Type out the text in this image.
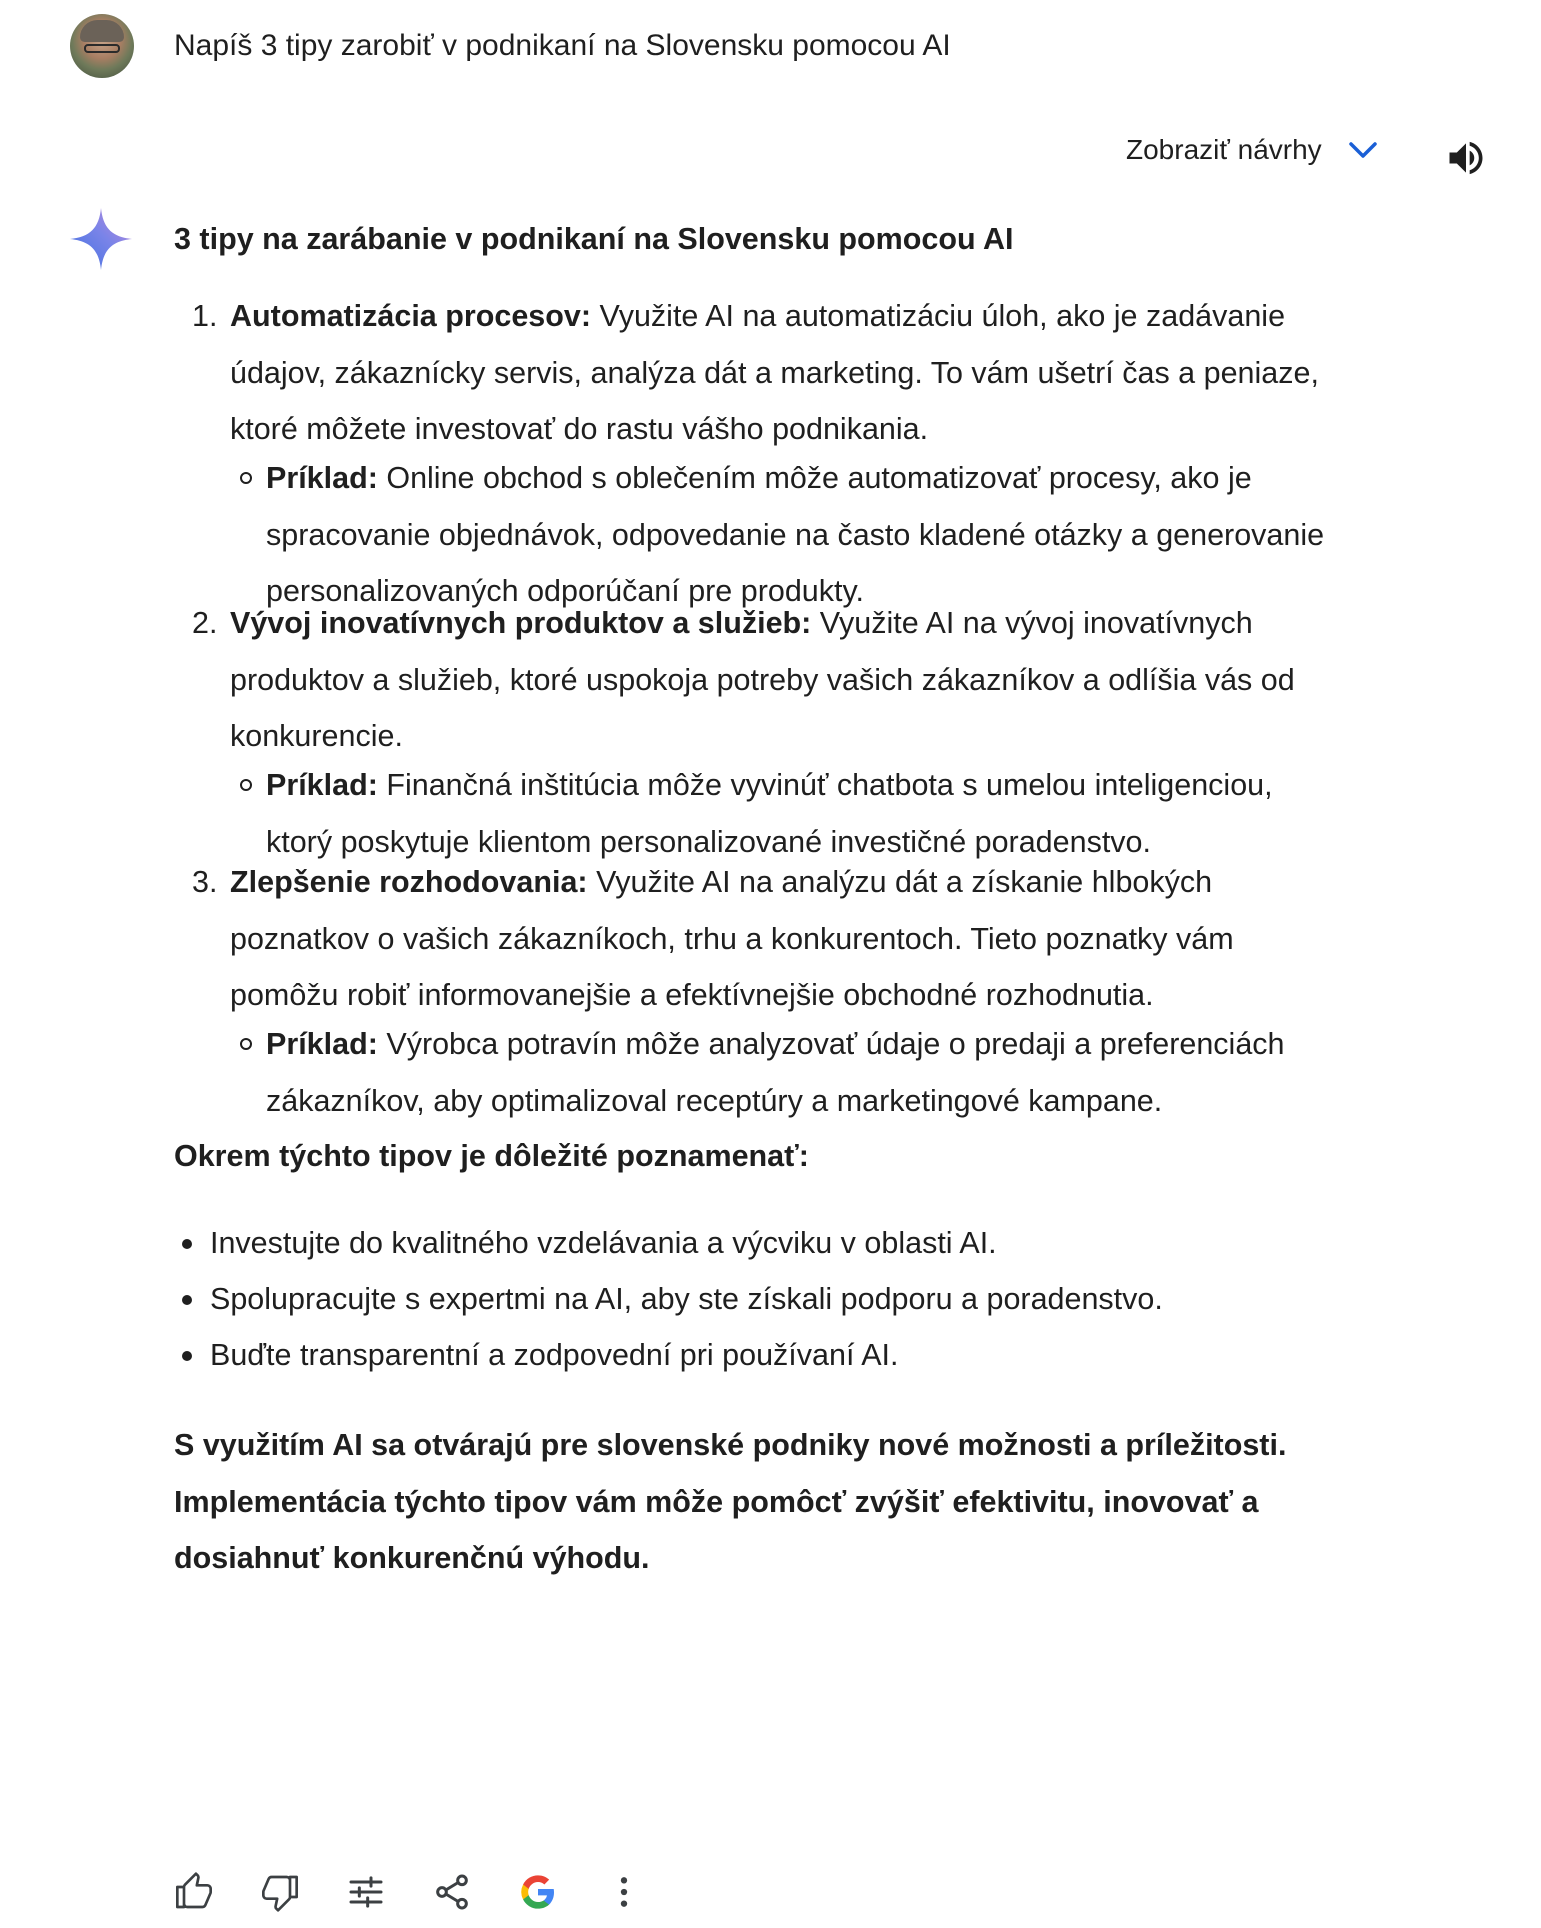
Napíš 3 tipy zarobiť v podnikaní na Slovensku pomocou AI
Zobraziť návrhy
3 tipy na zarábanie v podnikaní na Slovensku pomocou AI
1. Automatizácia procesov: Využite AI na automatizáciu úloh, ako je zadávanie
údajov, zákaznícky servis, analýza dát a marketing. To vám ušetrí čas a peniaze,
ktoré môžete investovať do rastu vášho podnikania.
Príklad: Online obchod s oblečením môže automatizovať procesy, ako je
spracovanie objednávok, odpovedanie na často kladené otázky a generovanie
personalizovaných odporúčaní pre produkty.
2. Vývoj inovatívnych produktov a služieb: Využite AI na vývoj inovatívnych
produktov a služieb, ktoré uspokoja potreby vašich zákazníkov a odlíšia vás od
konkurencie.
Príklad: Finančná inštitúcia môže vyvinúť chatbota s umelou inteligenciou,
ktorý poskytuje klientom personalizované investičné poradenstvo.
3. Zlepšenie rozhodovania: Využite AI na analýzu dát a získanie hlbokých
poznatkov o vašich zákazníkoch, trhu a konkurentoch. Tieto poznatky vám
pomôžu robiť informovanejšie a efektívnejšie obchodné rozhodnutia.
Príklad: Výrobca potravín môže analyzovať údaje o predaji a preferenciách
zákazníkov, aby optimalizoval receptúry a marketingové kampane.
Okrem týchto tipov je dôležité poznamenať:
Investujte do kvalitného vzdelávania a výcviku v oblasti AI.
Spolupracujte s expertmi na AI, aby ste získali podporu a poradenstvo.
Buďte transparentní a zodpovední pri používaní AI.
S využitím AI sa otvárajú pre slovenské podniky nové možnosti a príležitosti.
Implementácia týchto tipov vám môže pomôcť zvýšiť efektivitu, inovovať a
dosiahnuť konkurenčnú výhodu.
